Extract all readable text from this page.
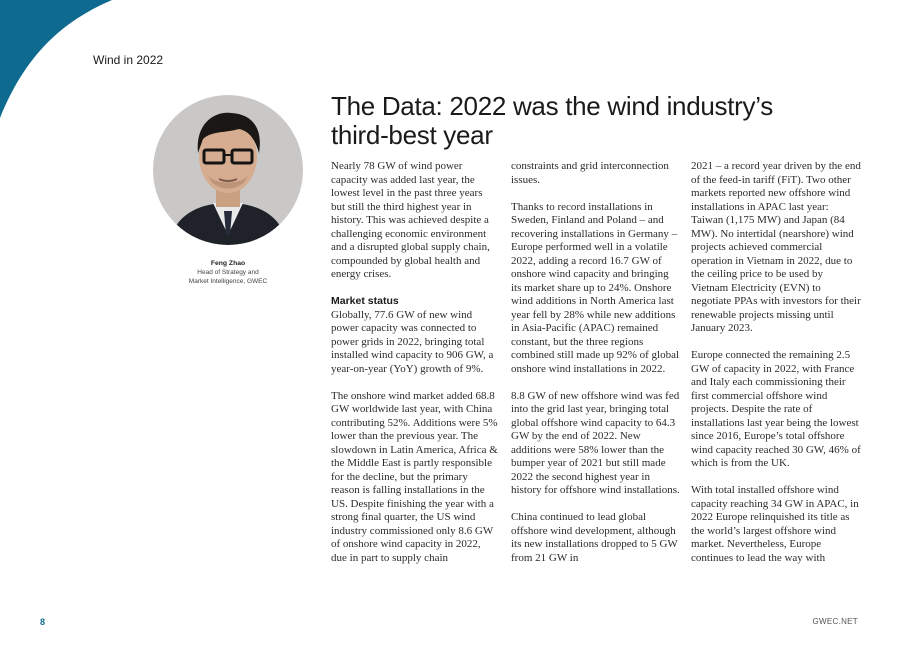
Wind in 2022
Feng Zhao
Head of Strategy and
Market Intelligence, GWEC
The Data: 2022 was the wind industry’s
third-best year

Nearly 78 GW of wind power capacity was added last year, the lowest level in the past three years but still the third highest year in history. This was achieved despite a challenging economic environment and a disrupted global supply chain, compounded by global health and energy crises.

Market status

Globally, 77.6 GW of new wind power capacity was connected to power grids in 2022, bringing total installed wind capacity to 906 GW, a year-on-year (YoY) growth of 9%.

The onshore wind market added 68.8 GW worldwide last year, with China contributing 52%. Additions were 5% lower than the previous year. The slowdown in Latin America, Africa & the Middle East is partly responsible for the decline, but the primary reason is falling installations in the US. Despite finishing the year with a strong final quarter, the US wind industry commissioned only 8.6 GW of onshore wind capacity in 2022, due in part to supply chain

constraints and grid interconnection issues.

Thanks to record installations in Sweden, Finland and Poland – and recovering installations in Germany – Europe performed well in a volatile 2022, adding a record 16.7 GW of onshore wind capacity and bringing its market share up to 24%. Onshore wind additions in North America last year fell by 28% while new additions in Asia-Pacific (APAC) remained constant, but the three regions combined still made up 92% of global onshore wind installations in 2022.

8.8 GW of new offshore wind was fed into the grid last year, bringing total global offshore wind capacity to 64.3 GW by the end of 2022. New additions were 58% lower than the bumper year of 2021 but still made 2022 the second highest year in history for offshore wind installations.

China continued to lead global offshore wind development, although its new installations dropped to 5 GW from 21 GW in

2021 – a record year driven by the end of the feed-in tariff (FiT). Two other markets reported new offshore wind installations in APAC last year: Taiwan (1,175 MW) and Japan (84 MW). No intertidal (nearshore) wind projects achieved commercial operation in Vietnam in 2022, due to the ceiling price to be used by Vietnam Electricity (EVN) to negotiate PPAs with investors for their renewable projects missing until January 2023.

Europe connected the remaining 2.5 GW of capacity in 2022, with France and Italy each commissioning their first commercial offshore wind projects. Despite the rate of installations last year being the lowest since 2016, Europe’s total offshore wind capacity reached 30 GW, 46% of which is from the UK.

With total installed offshore wind capacity reaching 34 GW in APAC, in 2022 Europe relinquished its title as the world’s largest offshore wind market. Nevertheless, Europe continues to lead the way with

8	GWEC.NET
